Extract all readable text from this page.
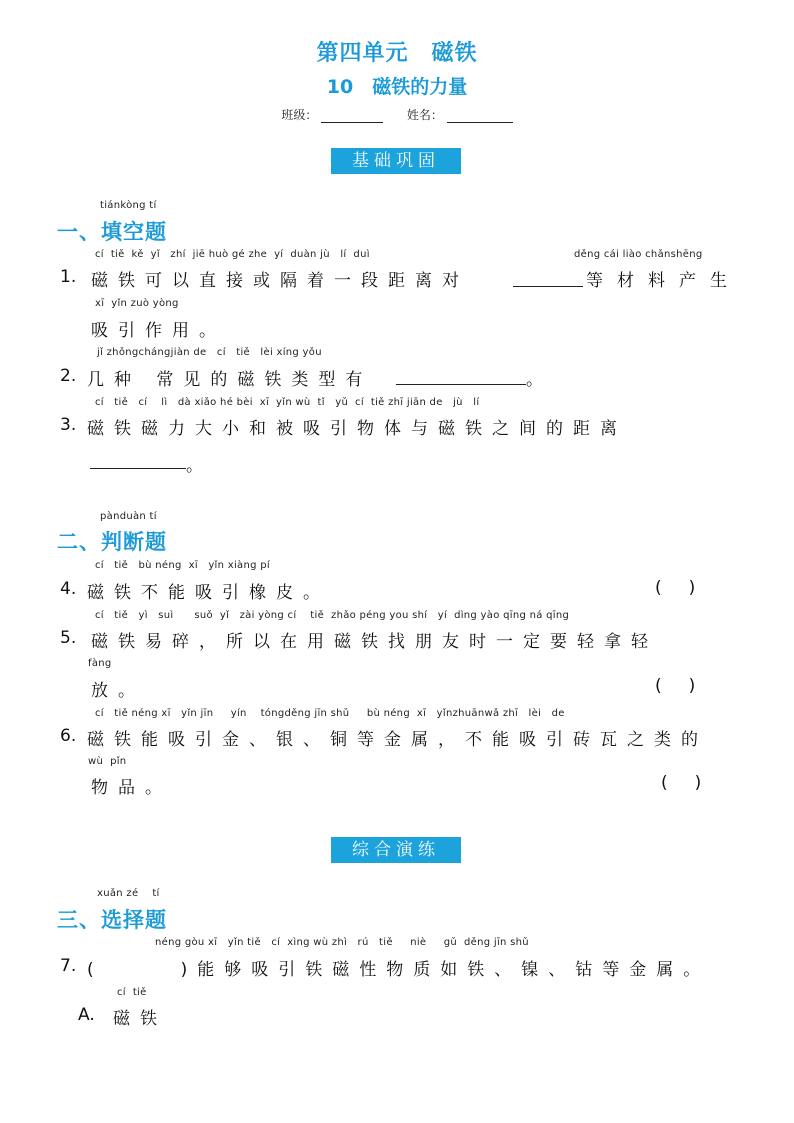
第四单元　磁铁
10　磁铁的力量
班级：	姓名：
基础巩固
tiánkòng tí
一、填空题
cí  tiě  kě  yǐ   zhí  jiē huò gé zhe  yí  duàn jù   lí  duì	děng cái liào chǎnshēng
1. 磁铁可以直接或隔着一段距离对	等材料产生
xī  yǐn zuò yòng
吸引作用。
jǐ zhǒngchángjiàn de   cí   tiě   lèi xíng yǒu
2. 几种 常见的磁铁类型有	。
cí   tiě   cí    lì   dà xiǎo hé bèi  xī  yǐn wù  tǐ   yǔ  cí  tiě zhī jiān de   jù   lí
3. 磁铁磁力大小和被吸引物体与磁铁之间的距离
。
pànduàn tí
二、判断题
cí   tiě   bù néng  xī   yǐn xiàng pí
4. 磁铁不能吸引橡皮。	(     )
cí   tiě   yì   suì      suǒ  yǐ   zài yòng cí    tiě  zhǎo péng you shí   yí  dìng yào qīng ná qīng
5. 磁铁易碎，所以在用磁铁找朋友时一定要轻拿轻
fàng
放。	(     )
cí   tiě néng xī   yǐn jīn     yín    tóngděng jīn shǔ     bù néng  xī   yǐnzhuānwǎ zhī   lèi   de
6. 磁铁能吸引金、银、铜等金属，不能吸引砖瓦之类的
wù  pǐn
物品。	(     )
综合演练
xuǎn zé    tí
三、选择题
néng gòu xī   yǐn tiě   cí  xìng wù zhì   rú   tiě     niè     gǔ  děng jīn shǔ
7. (     )能够吸引铁磁性物质如铁、镍、钴等金属。
cí  tiě
A. 磁铁
